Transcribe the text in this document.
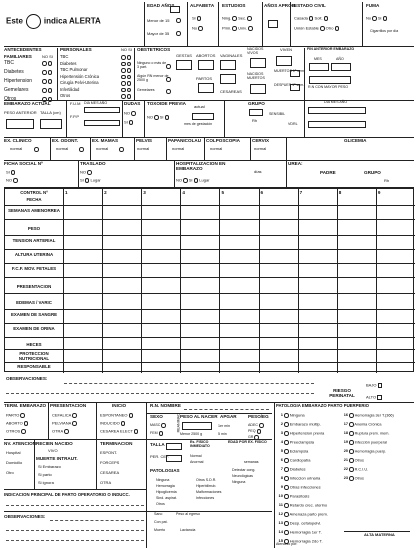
Este	indica ALERTA
EDAD AÑOS
Menor de 15
Mayor de 35
ALFABETA
Si
No
ESTUDIOS
Ning. Sec.
Prim. Univ.
AÑOS APROB.
ESTADO CIVIL
Casada Solt.
Unión Estable Otro
FUMA
No Si
Cigarrillos por día
ANTECEDENTES
FAMILIARES	NO SI
TBC
Diabetes
Hipertension
Gemelares
Otros

PERSONALES	NO SI
TBC
Diabetes
TBC Pulmonar
Hipertensión Crónica
Cirugía Pelvi-Uterina
Infertilidad
Otros

OBSTETRICOS
Ninguno o más de 3 part.
Algún RN menor de 2500 g
Gemelares
GESTAS ABORTOS VAGINALES
PARTOS
CESAREAS
NACIDOS VIVOS
NACIDOS MUERTOS
VIVEN
MUERTOS 1º sem.
DESPUES 1º sem.
FIN ANTERIOR EMBARAZO
MES	AÑO
R.N CON MAYOR PESO
EMBARAZO ACTUAL
PESO ANTERIOR TALLA (cm)
F.U.M
F.P.P
DIA MES AÑO	DUDAS
NO
SI
TOXOIDE PREVIA
NO SI
actual
mes de gestación
GRUPO
Rh
SENSIBIL
VDRL
DIA MES AÑO
EX. CLINICO
normal
EX. ODONT.
normal
EX. MAMAS
normal
PELVIS
normal
PAPANICOLAU
normal
COLPOSCOPIA
normal
CERVIX
normal
GLICEMIA
FICHA SOCIAL Nº
SI
NO
TRASLADO
NO
SI Lugar
HOSPITALIZACION EN EMBARAZO
NO SI Lugar
días
UREA:
PADRE	GRUPO
Rh
CONTROL Nº
FECHA
1	2	3	4	5	6	7	8	9
SEMANAS AMENORREA
PESO
TENSION ARTERIAL
ALTURA UTERINA
F.C.F. MOV. FETALES
PRESENTACION
EDEMAS / VARIC
EXAMEN DE SANGRE
EXAMEN DE ORINA
HECES
PROTECCION NUTRICIONAL
RESPONSABLE
OBSERVACIONES:
RIESGO PERINATAL
BAJO
ALTO
TERM. EMBARAZO
PARTO
ABORTO
OTROS
PRESENTACION
CEFALICA
PELVIANA
OTRA
INICIO
ESPONTANEO
INDUCIDO
CESAREA ELECT
R.N. NOMBRE
SEXO
MASC
FEM
REANIMAC PESO AL NACER
Menor 2500 g
APGAR
1er min
5 min
PESO/EG
ADEC
PEQ
GR
NV. ATENCION
Hospital
Domicilio
Otro
RECIEN NACIDO
VIVO
MUERTE INTRAUT.
Si Embarazo
Si parto
Si ignora
TERMINACION
ESPONT.
FORCEPS
CESAREA
OTRA
TALLA
PER. CEF.
Es. FISICO INMEDIATO
Normal
Anormal
EDAD POR EX. FISICO
semanas
PATOLOGIAS
Ninguna
Hemorragia
Hipoglicemia
Sind. aspirat.
Otros
Otros S.D.R.
Hiperbilirrub.
Malformaciones
Infecciones
Detectar cong.
Neurológicas
Ninguna
INDICACION PRINCIPAL DE PARTO OPERATORIO O INDUCC.
OBSERVACIONES:	Sano
Con pat.
Muerto
Peso al egreso
Lactancia
PATOLOGIA EMBARAZO PARTO PUERPERIO
1 Ninguna
2 Embarazo múltip.
3 Hipertension previa
4 Preeclampsia
5 Eclampsia
6 Cardiopatía
7 Diabetes
8 Infeccion urinaria
9 Otras infecciones
10 Parasitosis
11 Retardo crec. uterino
12 Amenaza parto prem.
13 Desp. cefalopelvi.
14 Hemorragia 1er T.
15 Hemorragia 2do T.
16 Hemorragia 3er T.(366)
17 Anemia Crónica
18 Ruptura prem. mem.
19 Infección puerperal
20 Hemorragia puerp.
21 Otros
22 R.C.I.U.
23 Otros
ALTA MATERNA
Atendido por:
